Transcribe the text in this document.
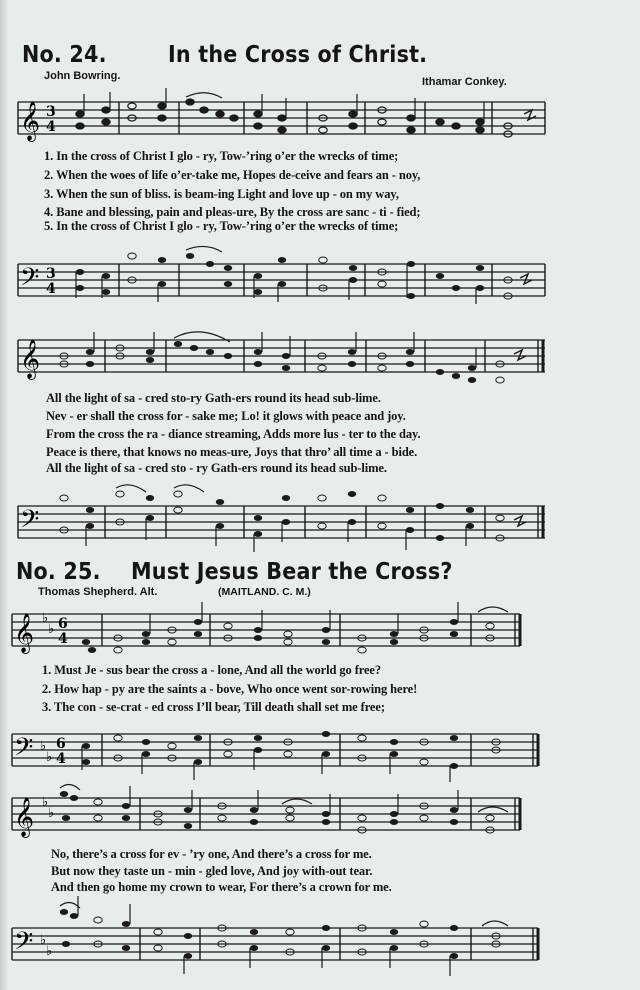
No. 24.	In the Cross of Christ.
John Bowring.	Ithamar Conkey.
𝄞 3
4
1. In the cross of Christ I glo - ry, Tow-’ring o’er the wrecks of time;
2. When the woes of life o’er-take me, Hopes de-ceive and fears an - noy,
3. When the sun of bliss. is beam-ing Light and love up - on my way,
4. Bane and blessing, pain and pleas-ure, By the cross are sanc - ti - fied;
5. In the cross of Christ I glo - ry, Tow-’ring o’er the wrecks of time;
𝄢 3
4
𝄞
All the light of sa - cred sto-ry Gath-ers round its head sub-lime.
Nev - er shall the cross for - sake me; Lo! it glows with peace and joy.
From the cross the ra - diance streaming, Adds more lus - ter to the day.
Peace is there, that knows no meas-ure, Joys that thro’ all time a - bide.
All the light of sa - cred sto - ry Gath-ers round its head sub-lime.
𝄢
No. 25. Must Jesus Bear the Cross?
Thomas Shepherd. Alt.	(MAITLAND. C. M.)
𝄞 ♭
♭ 6
4
1. Must Je - sus bear the cross a - lone, And all the world go free?
2. How hap - py are the saints a - bove, Who once went sor-rowing here!
3. The con - se-crat - ed cross I’ll bear, Till death shall set me free;
𝄢 ♭
♭
6
4
𝄞 ♭
♭
No, there’s a cross for ev - ’ry one, And there’s a cross for me.
But now they taste un - min - gled love, And joy with-out tear.
And then go home my crown to wear, For there’s a crown for me.
𝄢 ♭
♭
